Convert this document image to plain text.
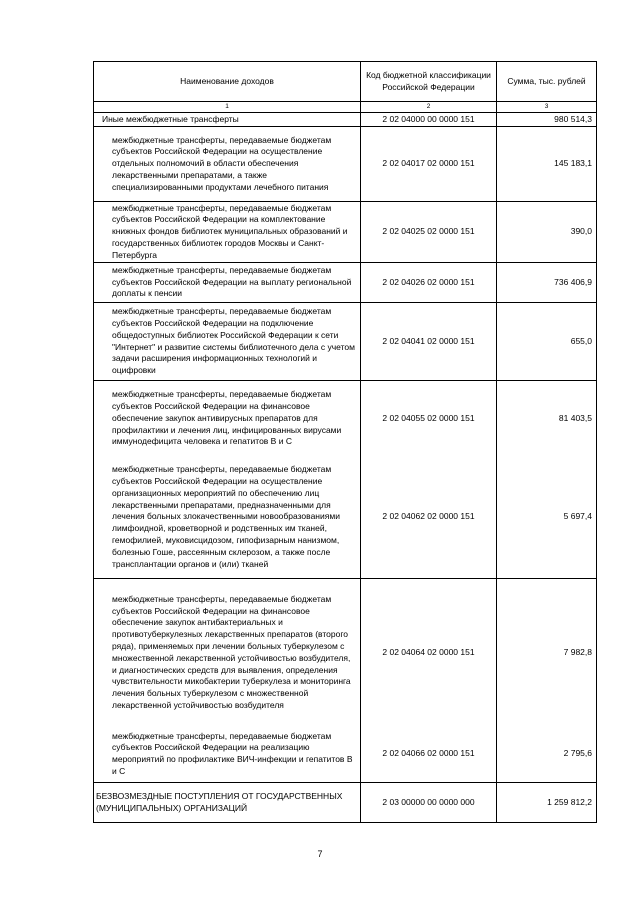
Наименование доходов	Код бюджетной классификации Российской Федерации	Сумма, тыс. рублей
1	2	3
Иные межбюджетные трансферты	2 02 04000 00 0000 151	980 514,3
межбюджетные трансферты, передаваемые бюджетам субъектов Российской Федерации на осуществление отдельных полномочий в области обеспечения лекарственными препаратами, а также специализированными продуктами лечебного питания	2 02 04017 02 0000 151	145 183,1
межбюджетные трансферты, передаваемые бюджетам субъектов Российской Федерации на комплектование книжных фондов библиотек муниципальных образований и государственных библиотек городов Москвы и Санкт-Петербурга	2 02 04025 02 0000 151	390,0
межбюджетные трансферты, передаваемые бюджетам субъектов Российской Федерации на выплату региональной доплаты к пенсии	2 02 04026 02 0000 151	736 406,9
межбюджетные трансферты, передаваемые бюджетам субъектов Российской Федерации на подключение общедоступных библиотек Российской Федерации к сети "Интернет" и развитие системы библиотечного дела с учетом задачи расширения информационных технологий и оцифровки	2 02 04041 02 0000 151	655,0
межбюджетные трансферты, передаваемые бюджетам субъектов Российской Федерации на финансовое обеспечение закупок антивирусных препаратов для профилактики и лечения лиц, инфицированных вирусами иммунодефицита человека и гепатитов В и С	2 02 04055 02 0000 151	81 403,5
межбюджетные трансферты, передаваемые бюджетам субъектов Российской Федерации на осуществление организационных мероприятий по обеспечению лиц лекарственными препаратами, предназначенными для лечения больных злокачественными новообразованиями лимфоидной, кроветворной и родственных им тканей, гемофилией, муковисцидозом, гипофизарным нанизмом, болезнью Гоше, рассеянным склерозом, а также после трансплантации органов и (или) тканей	2 02 04062 02 0000 151	5 697,4
межбюджетные трансферты, передаваемые бюджетам субъектов Российской Федерации на финансовое обеспечение закупок антибактериальных и противотуберкулезных лекарственных препаратов (второго ряда), применяемых при лечении больных туберкулезом с множественной лекарственной устойчивостью возбудителя, и диагностических средств для выявления, определения чувствительности микобактерии туберкулеза и мониторинга лечения больных туберкулезом с множественной лекарственной устойчивостью возбудителя	2 02 04064 02 0000 151	7 982,8
межбюджетные трансферты, передаваемые бюджетам субъектов Российской Федерации на реализацию мероприятий по профилактике ВИЧ-инфекции и гепатитов В и С	2 02 04066 02 0000 151	2 795,6
БЕЗВОЗМЕЗДНЫЕ ПОСТУПЛЕНИЯ ОТ ГОСУДАРСТВЕННЫХ (МУНИЦИПАЛЬНЫХ) ОРГАНИЗАЦИЙ	2 03 00000 00 0000 000	1 259 812,2
7
